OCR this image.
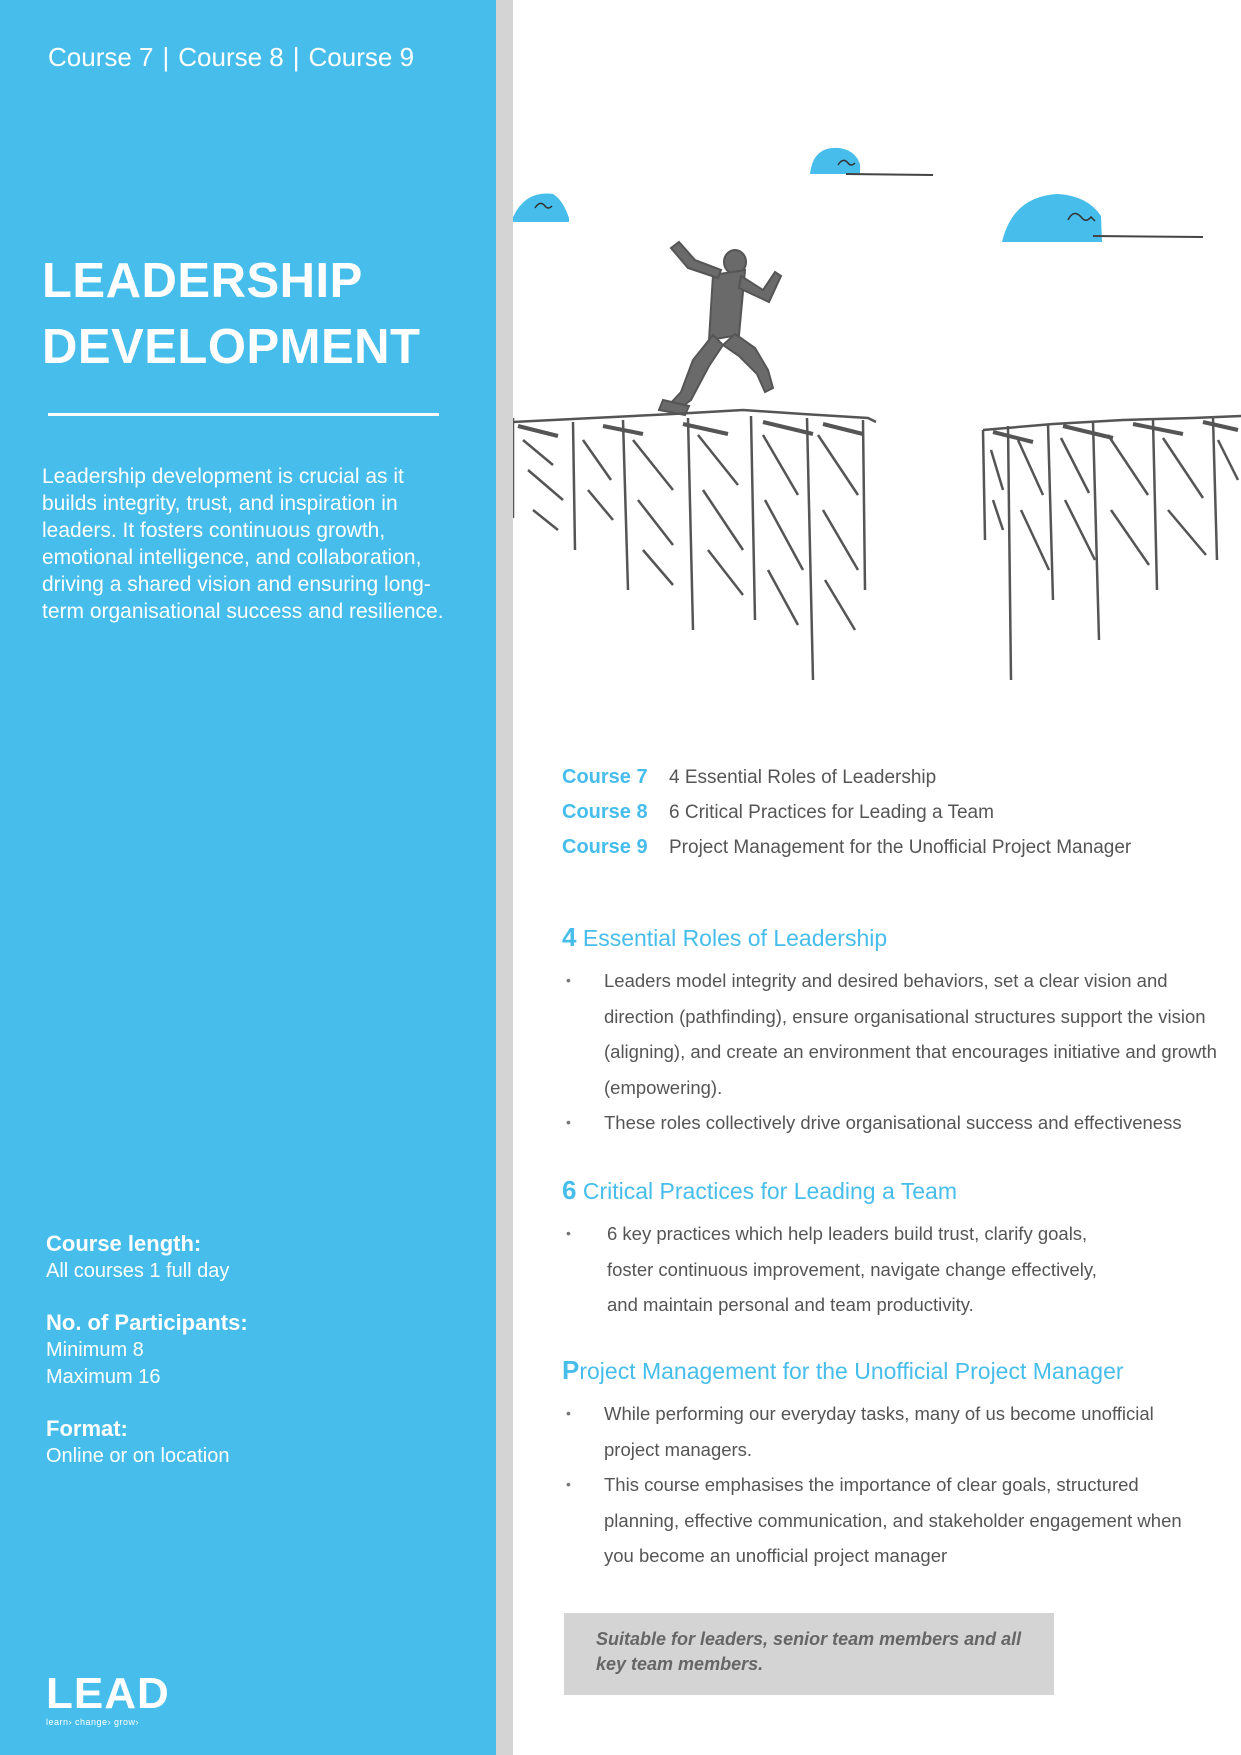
Course 7 | Course 8 | Course 9
LEADERSHIP
DEVELOPMENT
Leadership development is crucial as it builds integrity, trust, and inspiration in leaders. It fosters continuous growth, emotional intelligence, and collaboration, driving a shared vision and ensuring long-term organisational success and resilience.
Course length:

All courses 1 full day

No. of Participants:

Minimum 8

Maximum 16

Format:

Online or on location

LEAD
learn› change› grow›
Course 7 4 Essential Roles of Leadership
Course 8 6 Critical Practices for Leading a Team
Course 9 Project Management for the Unofficial Project Manager
4 Essential Roles of Leadership
• Leaders model integrity and desired behaviors, set a clear vision and direction (pathfinding), ensure organisational structures support the vision (aligning), and create an environment that encourages initiative and growth (empowering).
• These roles collectively drive organisational success and effectiveness
6 Critical Practices for Leading a Team
• 6 key practices which help leaders build trust, clarify goals, foster continuous improvement, navigate change effectively, and maintain personal and team productivity.
Project Management for the Unofficial Project Manager
• While performing our everyday tasks, many of us become unofficial project managers.
• This course emphasises the importance of clear goals, structured planning, effective communication, and stakeholder engagement when you become an unofficial project manager

Suitable for leaders, senior team members and all key team members.
